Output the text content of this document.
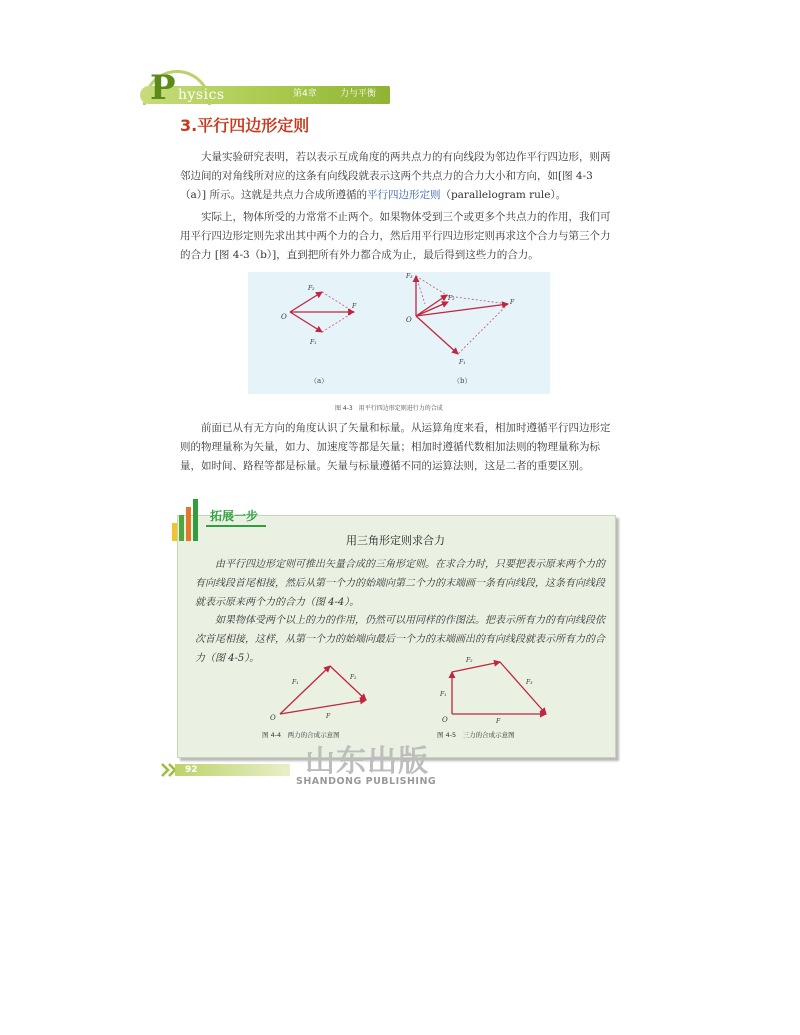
P hysics	第4章	力与平衡
3.平行四边形定则
大量实验研究表明，若以表示互成角度的两共点力的有向线段为邻边作平行四边形，则两邻边间的对角线所对应的这条有向线段就表示这两个共点力的合力大小和方向，如[图 4-3（a）] 所示。这就是共点力合成所遵循的平行四边形定则（parallelogram rule）。
实际上，物体所受的力常常不止两个。如果物体受到三个或更多个共点力的作用，我们可用平行四边形定则先求出其中两个力的合力，然后用平行四边形定则再求这个合力与第三个力的合力 [图 4-3（b）]，直到把所有外力都合成为止，最后得到这些力的合力。
O
F₂
F
F₁
（a）
O
F₃
F₂
F
F₁
（b）
图 4-3　用平行四边形定则进行力的合成
前面已从有无方向的角度认识了矢量和标量。从运算角度来看，相加时遵循平行四边形定则的物理量称为矢量，如力、加速度等都是矢量；相加时遵循代数相加法则的物理量称为标量，如时间、路程等都是标量。矢量与标量遵循不同的运算法则，这是二者的重要区别。
O
F₁
F₂
F	O
F₁
F₂
F₃
F
拓展一步
用三角形定则求合力
由平行四边形定则可推出矢量合成的三角形定则。在求合力时，只要把表示原来两个力的有向线段首尾相接，然后从第一个力的始端向第二个力的末端画一条有向线段，这条有向线段就表示原来两个力的合力（图 4-4）。
如果物体受两个以上的力的作用，仍然可以用同样的作图法。把表示所有力的有向线段依次首尾相接，这样，从第一个力的始端向最后一个力的末端画出的有向线段就表示所有力的合力（图 4-5）。
图 4-4　两力的合成示意图	图 4-5　三力的合成示意图
92	山东出版
SHANDONG PUBLISHING
